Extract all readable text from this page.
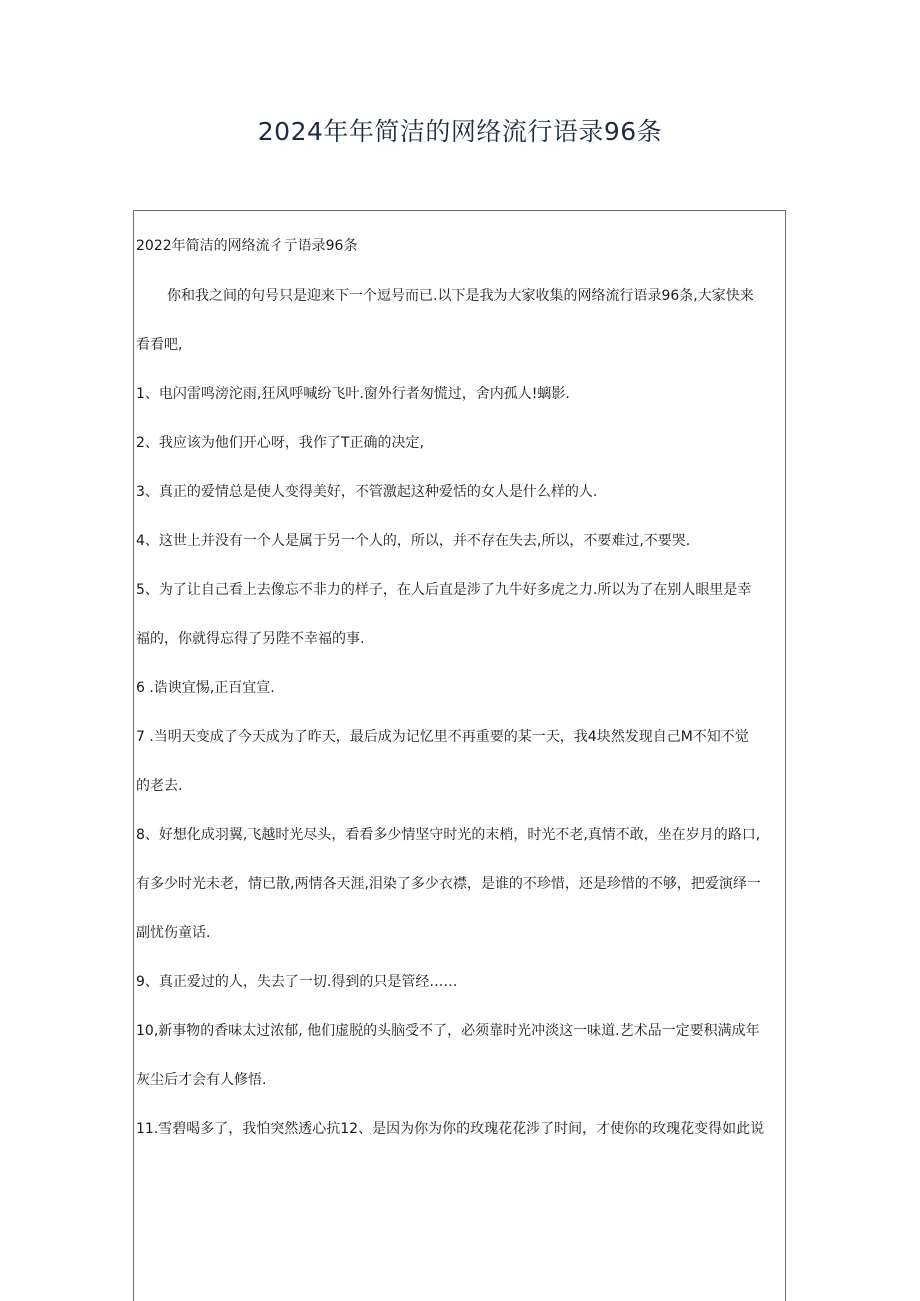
2024年年简洁的网络流行语录96条
2022年简洁的网络流彳亍语录96条
你和我之间的句号只是迎来下一个逗号而已.以下是我为大家收集的网络流行语录96条,大家快来
看看吧,
1、电闪雷鸣滂沱雨,狂风呼喊纷飞叶.窗外行者匆慌过，舍内孤人!螭影.
2、我应该为他们开心呀，我作了T正确的决定,
3、真正的爱情总是使人变得美好，不管激起这种爱恬的女人是什么样的人.
4、这世上并没有一个人是属于另一个人的，所以，并不存在失去,所以，不要难过,不要哭.
5、为了让自己看上去像忘不非力的样子，在人后直是涉了九牛好多虎之力.所以为了在别人眼里是幸
福的，你就得忘得了另陛不幸福的事.
6 .诰谀宜惕,正百宜宣.
7 .当明天变成了今天成为了昨天，最后成为记忆里不再重要的某一天，我4块然发现自己M不知不觉
的老去.
8、好想化成羽翼,飞越时光尽头，看看多少情坚守时光的末梢，时光不老,真情不敢，坐在岁月的路口,
有多少时光未老，情已散,两情各天涯,泪染了多少衣襟，是谁的不珍惜，还是珍惜的不够，把爱演绎一
副忧伤童话.
9、真正爱过的人，失去了一切.得到的只是管经……
10,新事物的香味太过浓郁, 他们虚脱的头脑受不了，必须靠时光冲淡这一味道.艺术品一定要积满成年
灰尘后才会有人修悟.
11.雪碧喝多了，我怕突然透心抗12、是因为你为你的玫瑰花花涉了时间，才使你的玫瑰花变得如此说
